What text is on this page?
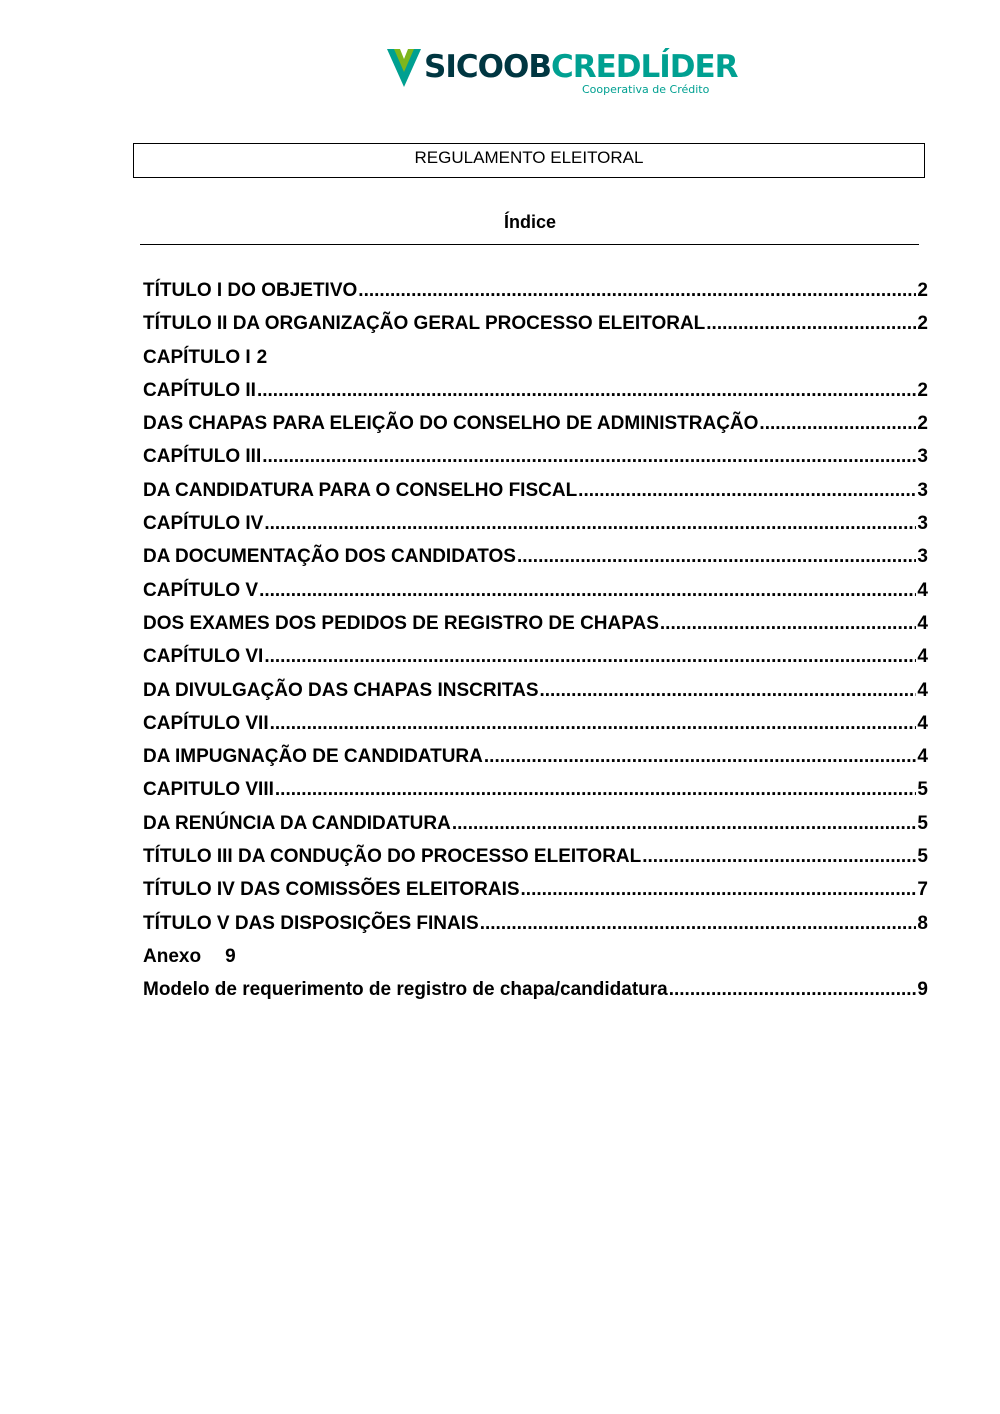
SICOOBCREDLÍDER
Cooperativa de Crédito
REGULAMENTO ELEITORAL
Índice
TÍTULO I DO OBJETIVO .....	2
TÍTULO II DA ORGANIZAÇÃO GERAL PROCESSO ELEITORAL .....	2
CAPÍTULO I 2
CAPÍTULO II .....	2
DAS CHAPAS PARA ELEIÇÃO DO CONSELHO DE ADMINISTRAÇÃO .....	2
CAPÍTULO III .....	3
DA CANDIDATURA PARA O CONSELHO FISCAL .....	3
CAPÍTULO IV .....	3
DA DOCUMENTAÇÃO DOS CANDIDATOS .....	3
CAPÍTULO V .....	4
DOS EXAMES DOS PEDIDOS DE REGISTRO DE CHAPAS .....	4
CAPÍTULO VI .....	4
DA DIVULGAÇÃO DAS CHAPAS INSCRITAS .....	4
CAPÍTULO VII .....	4
DA IMPUGNAÇÃO DE CANDIDATURA .....	4
CAPITULO VIII .....	5
DA RENÚNCIA DA CANDIDATURA .....	5
TÍTULO III DA CONDUÇÃO DO PROCESSO ELEITORAL .....	5
TÍTULO IV DAS COMISSÕES ELEITORAIS .....	7
TÍTULO V DAS DISPOSIÇÕES FINAIS .....	8
Anexo 9
Modelo de requerimento de registro de chapa/candidatura .....	9
